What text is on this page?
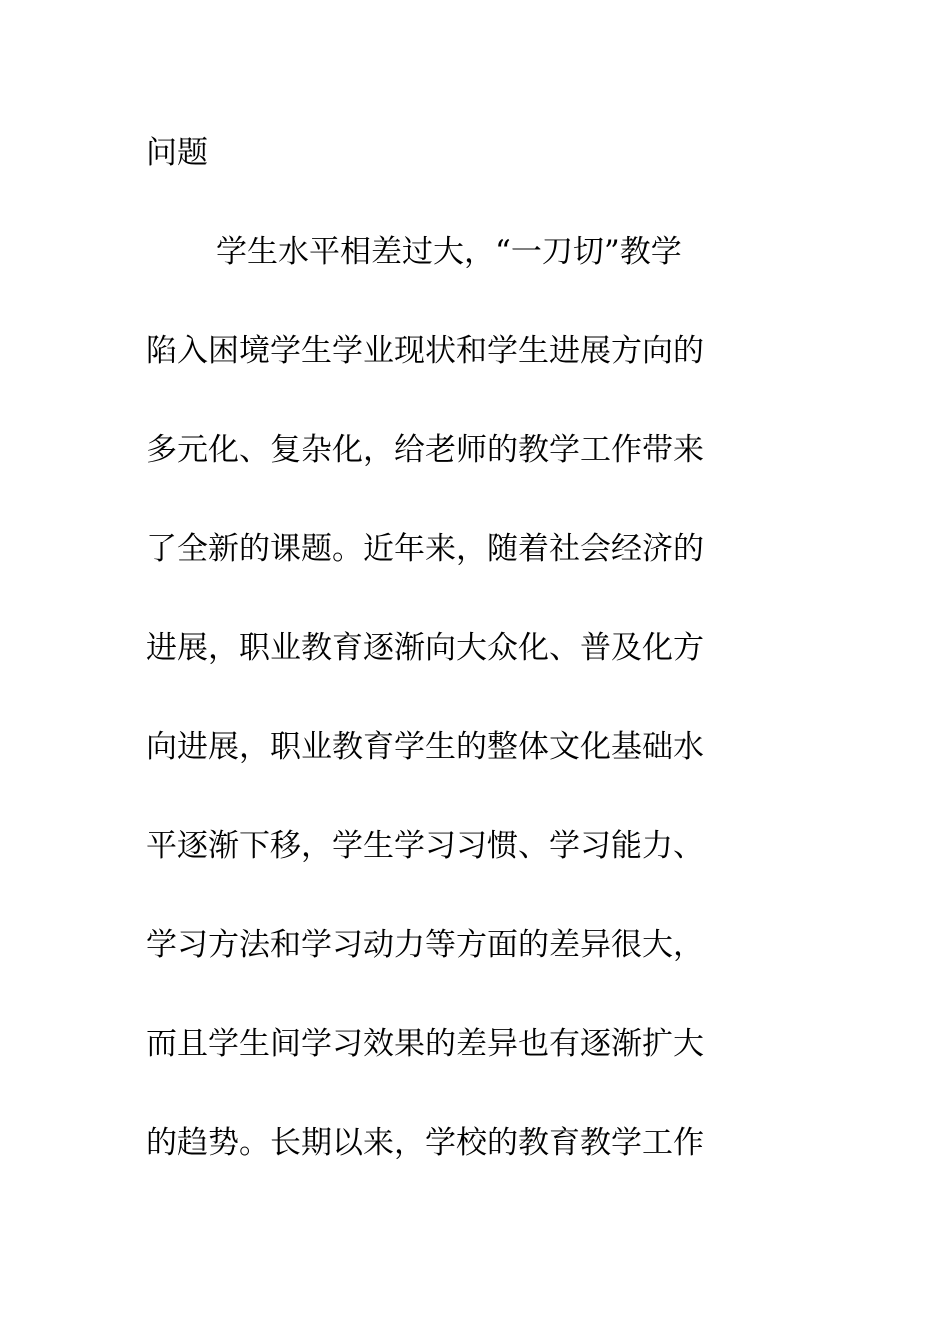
问题
学生水平相差过大，“一刀切”教学
陷入困境学生学业现状和学生进展方向的
多元化、复杂化，给老师的教学工作带来
了全新的课题。近年来，随着社会经济的
进展，职业教育逐渐向大众化、普及化方
向进展，职业教育学生的整体文化基础水
平逐渐下移，学生学习习惯、学习能力、
学习方法和学习动力等方面的差异很大，
而且学生间学习效果的差异也有逐渐扩大
的趋势。长期以来，学校的教育教学工作
